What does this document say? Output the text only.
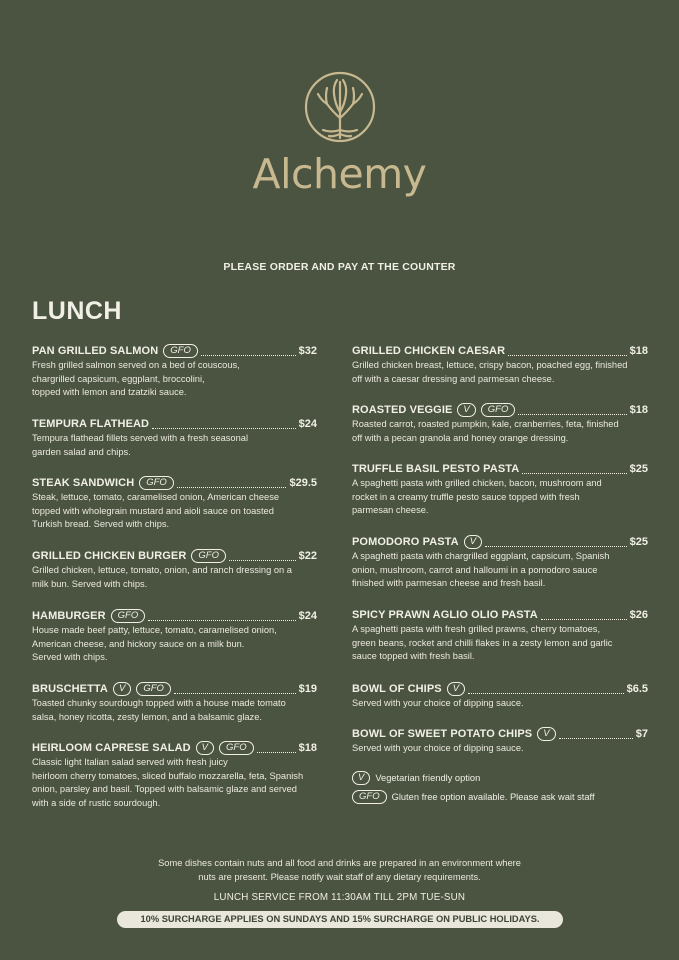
Alchemy
PLEASE ORDER AND PAY AT THE COUNTER
LUNCH
PAN GRILLED SALMON	GFO	$32
Fresh grilled salmon served on a bed of couscous,
chargrilled capsicum, eggplant, broccolini,
topped with lemon and tzatziki sauce.
TEMPURA FLATHEAD	$24
Tempura flathead fillets served with a fresh seasonal
garden salad and chips.
STEAK SANDWICH	GFO	$29.5
Steak, lettuce, tomato, caramelised onion, American cheese
topped with wholegrain mustard and aioli sauce on toasted
Turkish bread. Served with chips.
GRILLED CHICKEN BURGER	GFO	$22
Grilled chicken, lettuce, tomato, onion, and ranch dressing on a
milk bun. Served with chips.
HAMBURGER	GFO	$24
House made beef patty, lettuce, tomato, caramelised onion,
American cheese, and hickory sauce on a milk bun.
Served with chips.
BRUSCHETTA	V	GFO	$19
Toasted chunky sourdough topped with a house made tomato
salsa, honey ricotta, zesty lemon, and a balsamic glaze.
HEIRLOOM CAPRESE SALAD	V	GFO	$18
Classic light Italian salad served with fresh juicy
heirloom cherry tomatoes, sliced buffalo mozzarella, feta, Spanish
onion, parsley and basil. Topped with balsamic glaze and served
with a side of rustic sourdough.
GRILLED CHICKEN CAESAR	$18
Grilled chicken breast, lettuce, crispy bacon, poached egg, finished
off with a caesar dressing and parmesan cheese.
ROASTED VEGGIE	V	GFO	$18
Roasted carrot, roasted pumpkin, kale, cranberries, feta, finished
off with a pecan granola and honey orange dressing.
TRUFFLE BASIL PESTO PASTA	$25
A spaghetti pasta with grilled chicken, bacon, mushroom and
rocket in a creamy truffle pesto sauce topped with fresh
parmesan cheese.
POMODORO PASTA	V	$25
A spaghetti pasta with chargrilled eggplant, capsicum, Spanish
onion, mushroom, carrot and halloumi in a pomodoro sauce
finished with parmesan cheese and fresh basil.
SPICY PRAWN AGLIO OLIO PASTA	$26
A spaghetti pasta with fresh grilled prawns, cherry tomatoes,
green beans, rocket and chilli flakes in a zesty lemon and garlic
sauce topped with fresh basil.
BOWL OF CHIPS	V	$6.5
Served with your choice of dipping sauce.
BOWL OF SWEET POTATO CHIPS	V	$7
Served with your choice of dipping sauce.
V	Vegetarian friendly option
GFO	Gluten free option available. Please ask wait staff
Some dishes contain nuts and all food and drinks are prepared in an environment where
nuts are present. Please notify wait staff of any dietary requirements.
LUNCH SERVICE FROM 11:30AM TILL 2PM TUE-SUN
10% SURCHARGE APPLIES ON SUNDAYS AND 15% SURCHARGE ON PUBLIC HOLIDAYS.
